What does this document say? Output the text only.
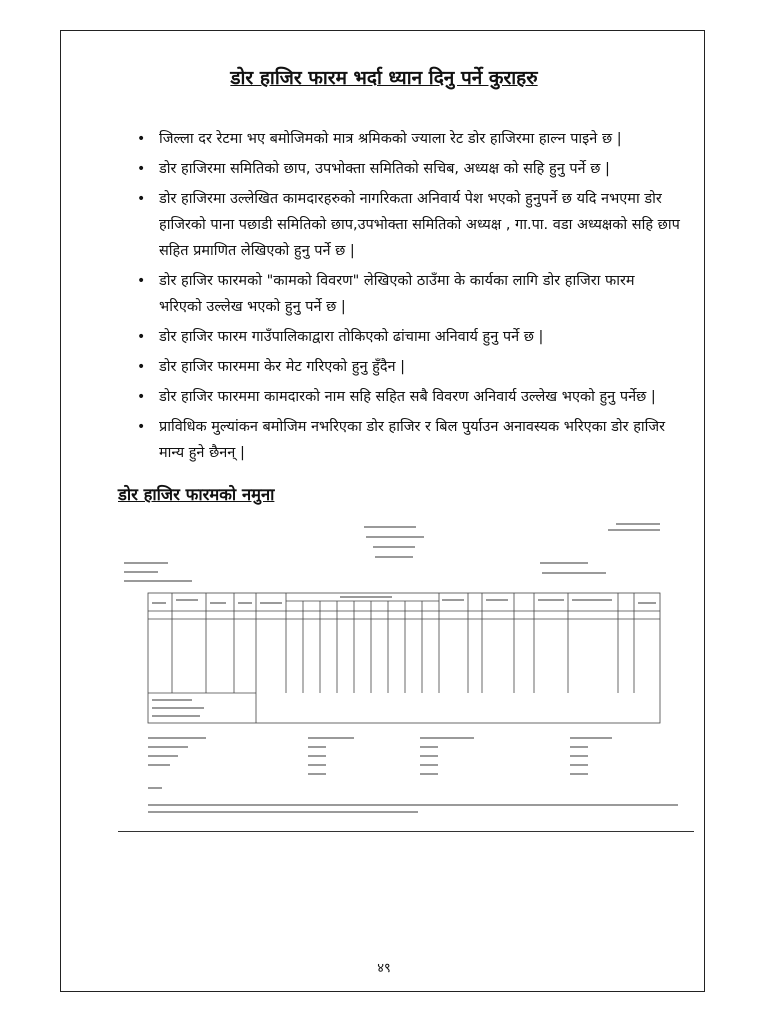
डोर हाजिर फारम भर्दा ध्यान दिनु पर्ने कुराहरु
• जिल्ला दर रेटमा भए बमोजिमको मात्र श्रमिकको ज्याला रेट डोर हाजिरमा हाल्न पाइने छ |
• डोर हाजिरमा समितिको छाप, उपभोक्ता समितिको सचिब, अध्यक्ष को सहि हुनु पर्ने छ |
• डोर हाजिरमा उल्लेखित कामदारहरुको नागरिकता अनिवार्य पेश भएको हुनुपर्ने छ यदि नभएमा डोर हाजिरको पाना पछाडी समितिको छाप,उपभोक्ता समितिको अध्यक्ष , गा.पा. वडा अध्यक्षको सहि छाप सहित प्रमाणित लेखिएको हुनु पर्ने छ |
• डोर हाजिर फारमको "कामको विवरण" लेखिएको ठाउँमा के कार्यका लागि डोर हाजिरा फारम भरिएको उल्लेख भएको हुनु पर्ने छ |
• डोर हाजिर फारम गाउँपालिकाद्वारा तोकिएको ढांचामा अनिवार्य हुनु पर्ने छ |
• डोर हाजिर फारममा केर मेट गरिएको हुनु हुँदैन |
• डोर हाजिर फारममा कामदारको नाम सहि सहित सबै विवरण अनिवार्य उल्लेख भएको हुनु पर्नेछ |
• प्राविधिक मुल्यांकन बमोजिम नभरिएका डोर हाजिर र बिल पुर्याउन अनावस्यक भरिएका डोर हाजिर मान्य हुने छैनन् |
डोर हाजिर फारमको नमुना
४९
